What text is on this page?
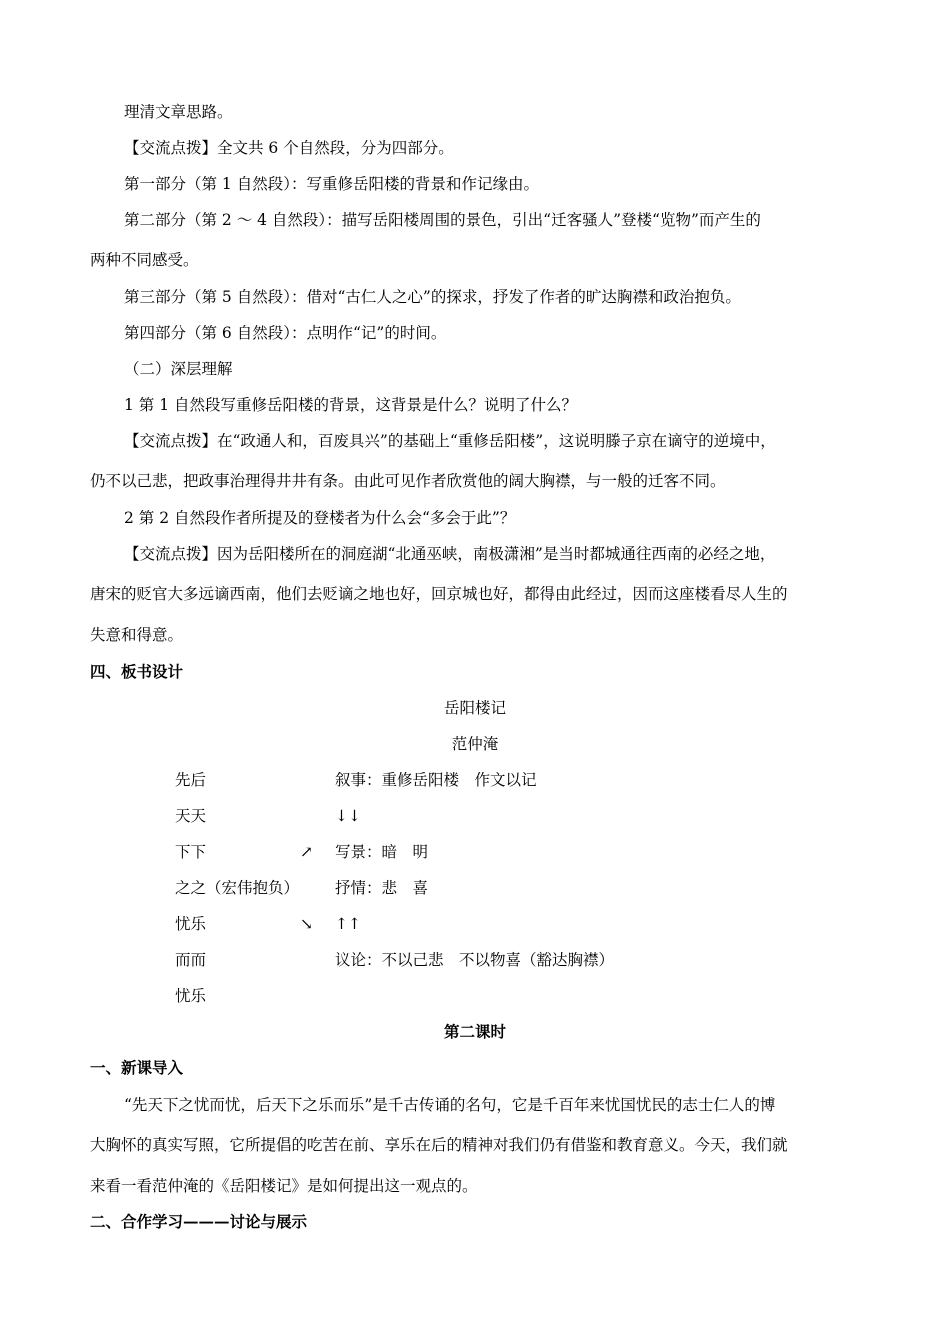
理清文章思路。
【交流点拨】全文共 6 个自然段，分为四部分。
第一部分（第 1 自然段）：写重修岳阳楼的背景和作记缘由。
第二部分（第 2 ～ 4 自然段）：描写岳阳楼周围的景色，引出“迁客骚人”登楼“览物”而产生的
两种不同感受。
第三部分（第 5 自然段）：借对“古仁人之心”的探求，抒发了作者的旷达胸襟和政治抱负。
第四部分（第 6 自然段）：点明作“记”的时间。
（二）深层理解
1 第 1 自然段写重修岳阳楼的背景，这背景是什么？说明了什么？
【交流点拨】在“政通人和，百废具兴”的基础上“重修岳阳楼”，这说明滕子京在谪守的逆境中，
仍不以己悲，把政事治理得井井有条。由此可见作者欣赏他的阔大胸襟，与一般的迁客不同。
2 第 2 自然段作者所提及的登楼者为什么会“多会于此”？
【交流点拨】因为岳阳楼所在的洞庭湖“北通巫峡，南极潇湘”是当时都城通往西南的必经之地，
唐宋的贬官大多远谪西南，他们去贬谪之地也好，回京城也好，都得由此经过，因而这座楼看尽人生的
失意和得意。
四、板书设计
岳阳楼记
范仲淹
先后
天天
下下
之之（宏伟抱负）
忧乐
而而
忧乐
↗
↘
叙事：重修岳阳楼　作文以记
↓↓
写景：暗　明
抒情：悲　喜
↑↑
议论：不以己悲　不以物喜（豁达胸襟）
第二课时
一、新课导入
“先天下之忧而忧，后天下之乐而乐”是千古传诵的名句，它是千百年来忧国忧民的志士仁人的博
大胸怀的真实写照，它所提倡的吃苦在前、享乐在后的精神对我们仍有借鉴和教育意义。今天，我们就
来看一看范仲淹的《岳阳楼记》是如何提出这一观点的。
二、合作学习———讨论与展示
